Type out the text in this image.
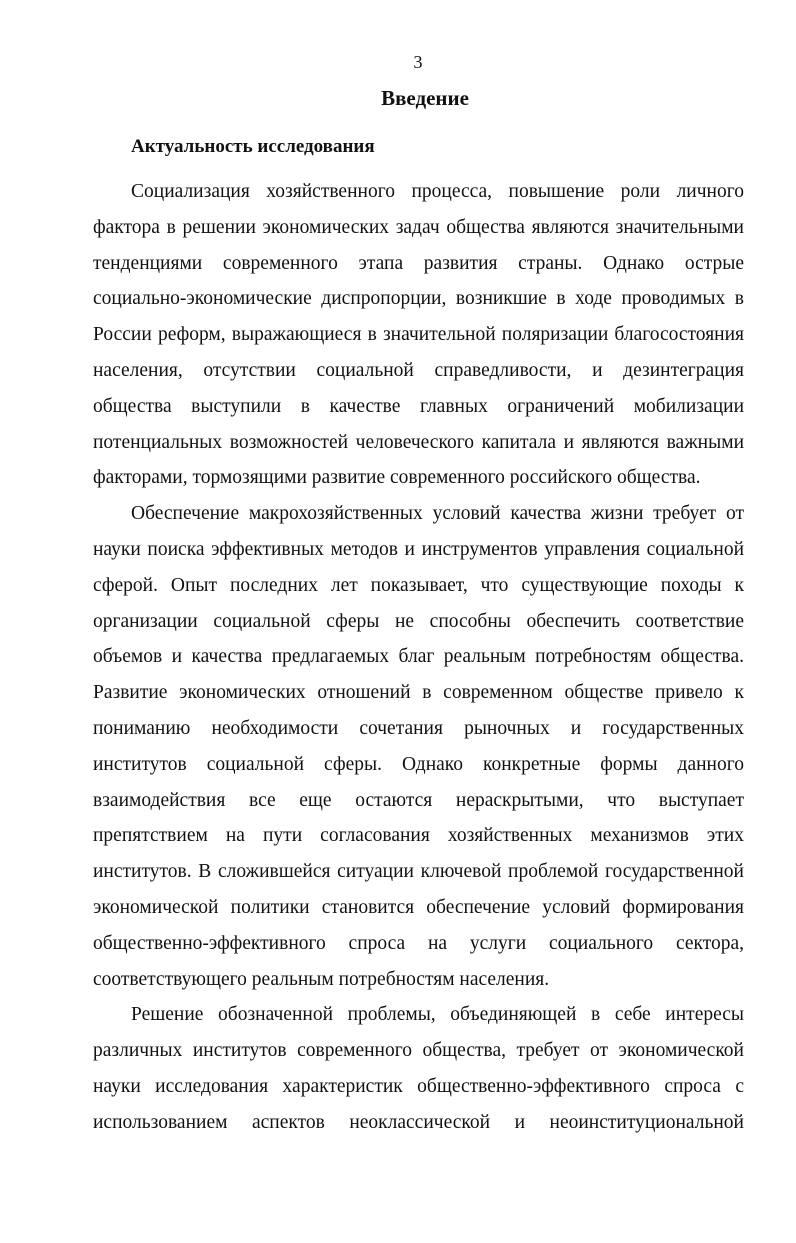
3
Введение
Актуальность исследования

Социализация хозяйственного процесса, повышение роли личного фактора в решении экономических задач общества являются значительными тенденциями современного этапа развития страны. Однако острые социально-экономические диспропорции, возникшие в ходе проводимых в России реформ, выражающиеся в значительной поляризации благосостояния населения, отсутствии социальной справедливости, и дезинтеграция общества выступили в качестве главных ограничений мобилизации потенциальных возможностей человеческого капитала и являются важными факторами, тормозящими развитие современного российского общества.

Обеспечение макрохозяйственных условий качества жизни требует от науки поиска эффективных методов и инструментов управления социальной сферой. Опыт последних лет показывает, что существующие походы к организации социальной сферы не способны обеспечить соответствие объемов и качества предлагаемых благ реальным потребностям общества. Развитие экономических отношений в современном обществе привело к пониманию необходимости сочетания рыночных и государственных институтов социальной сферы. Однако конкретные формы данного взаимодействия все еще остаются нераскрытыми, что выступает препятствием на пути согласования хозяйственных механизмов этих институтов. В сложившейся ситуации ключевой проблемой государственной экономической политики становится обеспечение условий формирования общественно-эффективного спроса на услуги социального сектора, соответствующего реальным потребностям населения.

Решение обозначенной проблемы, объединяющей в себе интересы различных институтов современного общества, требует от экономической науки исследования характеристик общественно-эффективного спроса с использованием аспектов неоклассической и неоинституциональной
